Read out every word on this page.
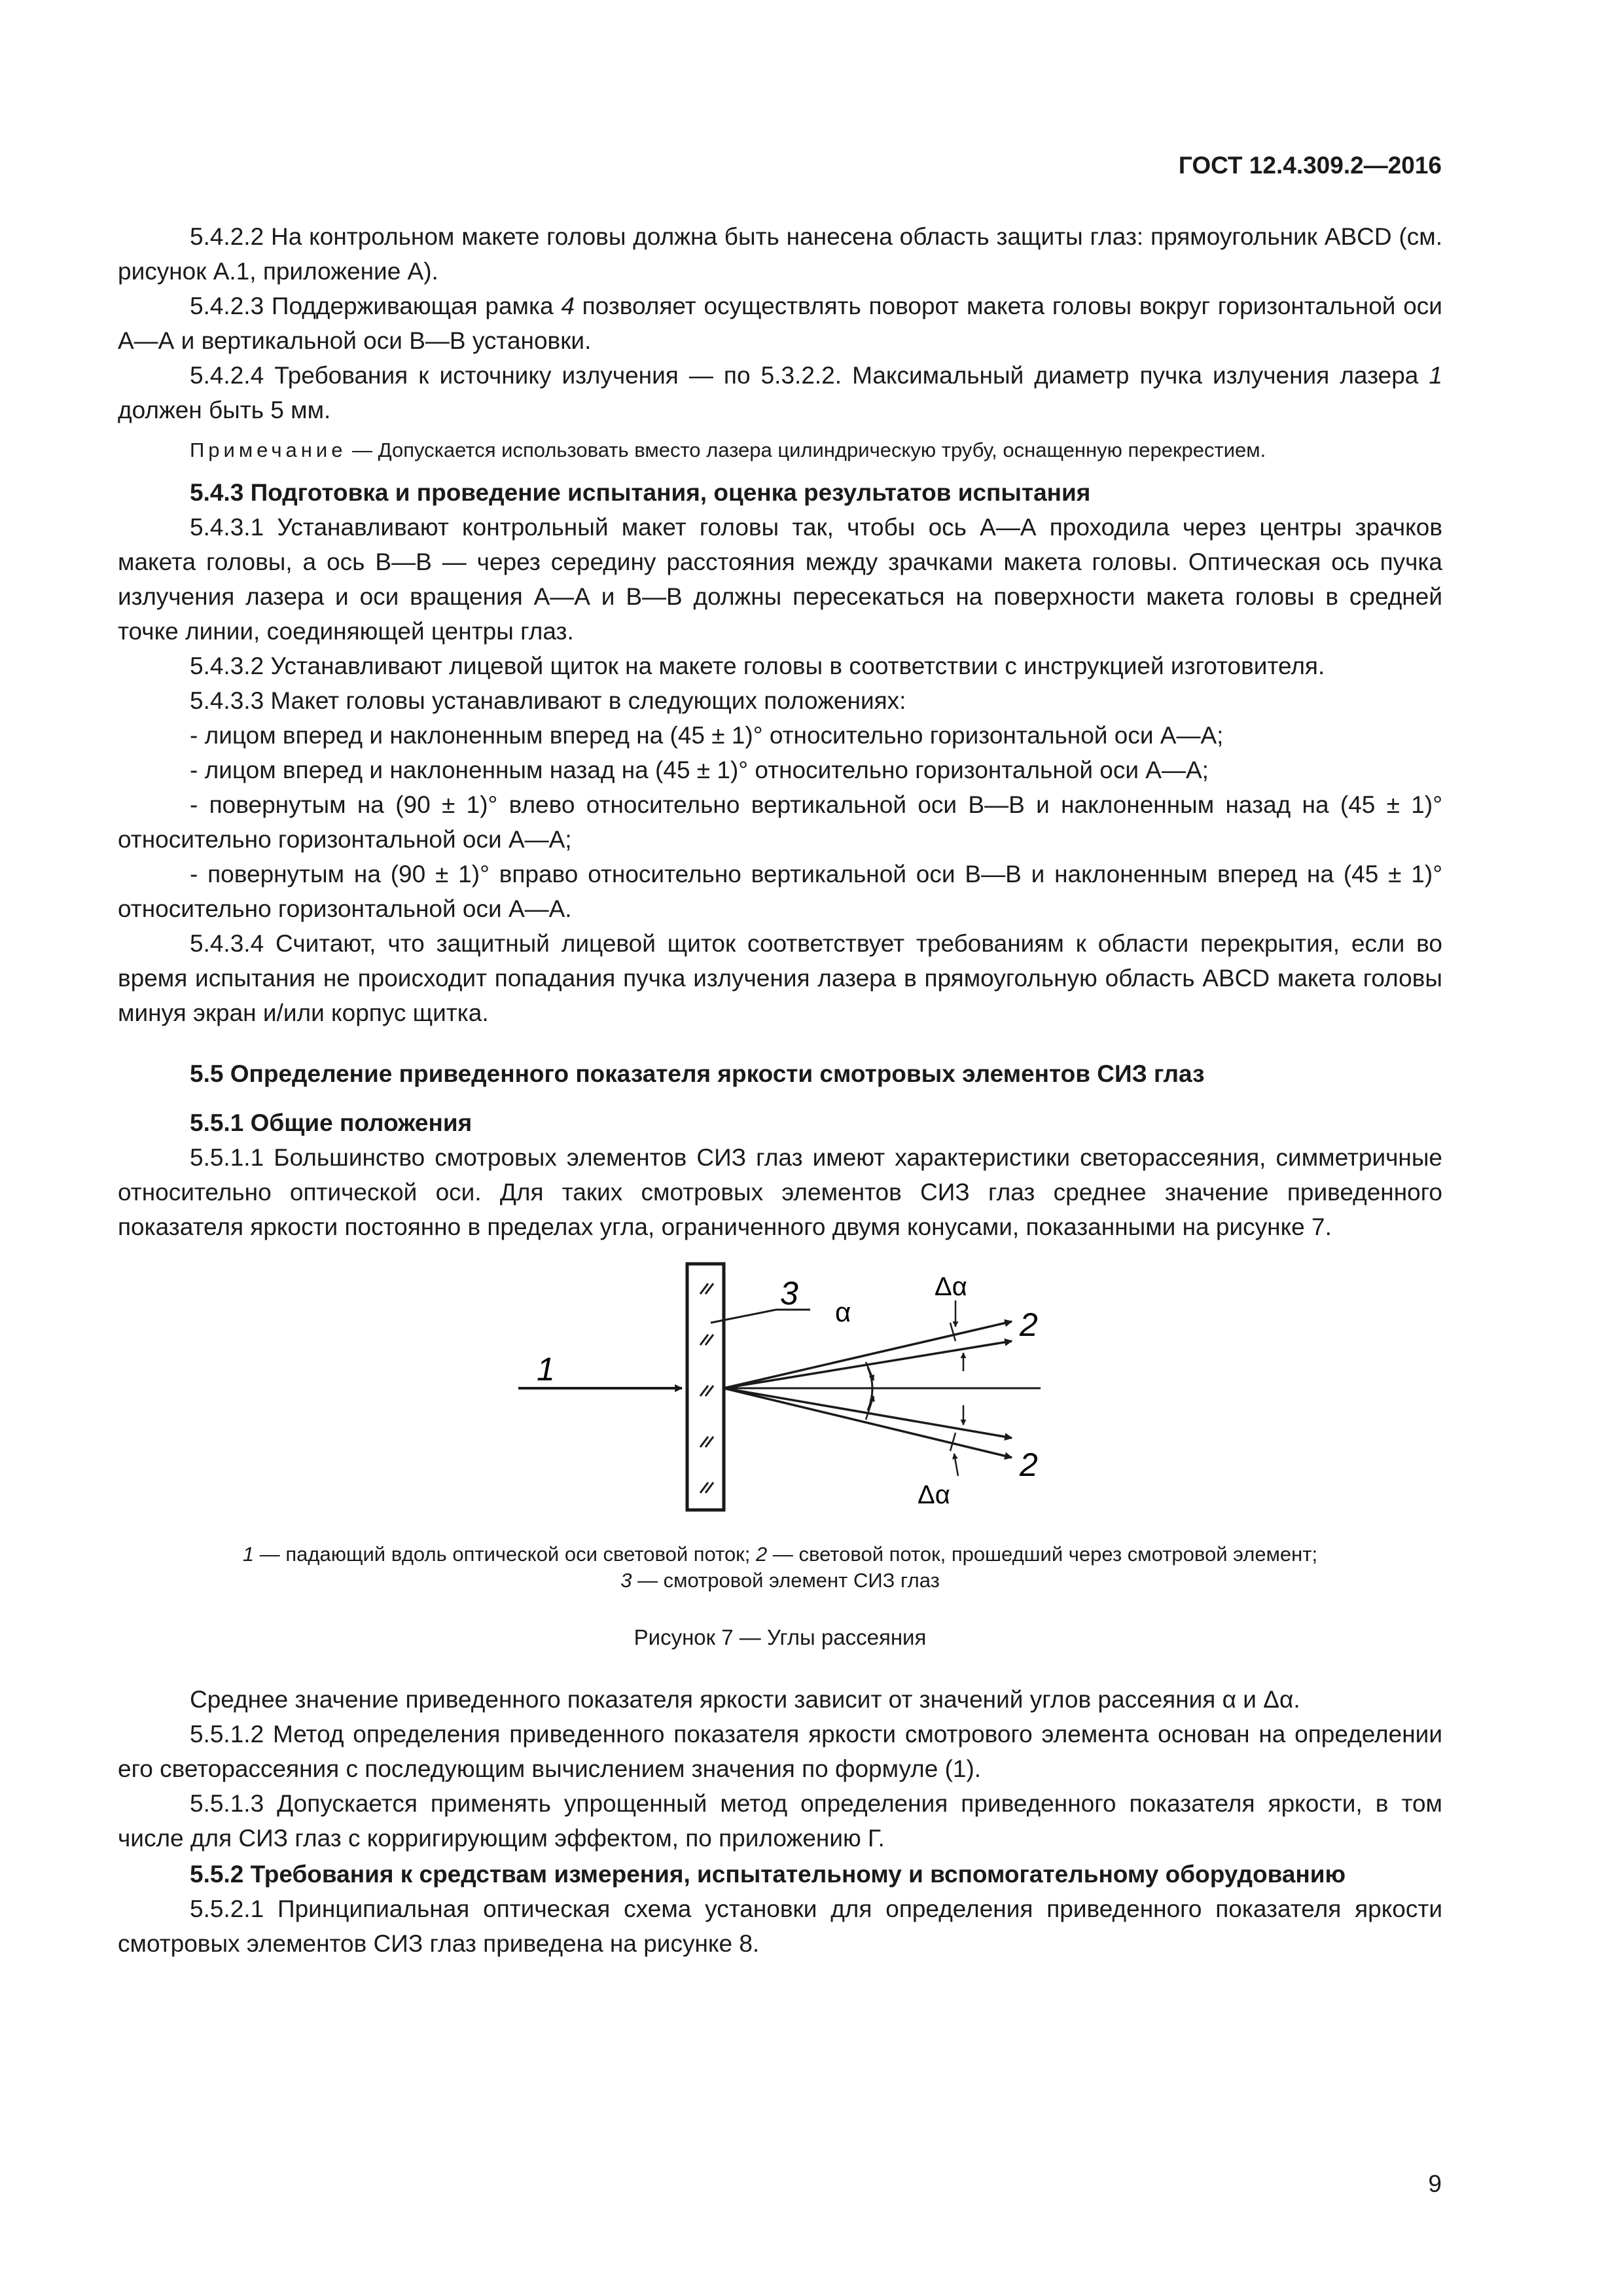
ГОСТ 12.4.309.2—2016

5.4.2.2 На контрольном макете головы должна быть нанесена область защиты глаз: прямоугольник ABCD (см. рисунок А.1, приложение А).

5.4.2.3 Поддерживающая рамка 4 позволяет осуществлять поворот макета головы вокруг горизонтальной оси А—А и вертикальной оси В—В установки.

5.4.2.4 Требования к источнику излучения — по 5.3.2.2. Максимальный диаметр пучка излучения лазера 1 должен быть 5 мм.

Примечание — Допускается использовать вместо лазера цилиндрическую трубу, оснащенную перекрестием.

5.4.3 Подготовка и проведение испытания, оценка результатов испытания

5.4.3.1 Устанавливают контрольный макет головы так, чтобы ось А—А проходила через центры зрачков макета головы, а ось В—В — через середину расстояния между зрачками макета головы. Оптическая ось пучка излучения лазера и оси вращения А—А и В—В должны пересекаться на поверхности макета головы в средней точке линии, соединяющей центры глаз.

5.4.3.2 Устанавливают лицевой щиток на макете головы в соответствии с инструкцией изготовителя.

5.4.3.3 Макет головы устанавливают в следующих положениях:

- лицом вперед и наклоненным вперед на (45 ± 1)° относительно горизонтальной оси А—А;

- лицом вперед и наклоненным назад на (45 ± 1)° относительно горизонтальной оси А—А;

- повернутым на (90 ± 1)° влево относительно вертикальной оси В—В и наклоненным назад на (45 ± 1)° относительно горизонтальной оси А—А;

- повернутым на (90 ± 1)° вправо относительно вертикальной оси В—В и наклоненным вперед на (45 ± 1)° относительно горизонтальной оси А—А.

5.4.3.4 Считают, что защитный лицевой щиток соответствует требованиям к области перекрытия, если во время испытания не происходит попадания пучка излучения лазера в прямоугольную область ABCD макета головы минуя экран и/или корпус щитка.

5.5 Определение приведенного показателя яркости смотровых элементов СИЗ глаз

5.5.1 Общие положения

5.5.1.1 Большинство смотровых элементов СИЗ глаз имеют характеристики светорассеяния, симметричные относительно оптической оси. Для таких смотровых элементов СИЗ глаз среднее значение приведенного показателя яркости постоянно в пределах угла, ограниченного двумя конусами, показанными на рисунке 7.

1
3
2
2
α
Δα
Δα
1 — падающий вдоль оптической оси световой поток; 2 — световой поток, прошедший через смотровой элемент;
3 — смотровой элемент СИЗ глаз
Рисунок 7 — Углы рассеяния

Среднее значение приведенного показателя яркости зависит от значений углов рассеяния α и Δα.

5.5.1.2 Метод определения приведенного показателя яркости смотрового элемента основан на определении его светорассеяния с последующим вычислением значения по формуле (1).

5.5.1.3 Допускается применять упрощенный метод определения приведенного показателя яркости, в том числе для СИЗ глаз с корригирующим эффектом, по приложению Г.

5.5.2 Требования к средствам измерения, испытательному и вспомогательному оборудованию

5.5.2.1 Принципиальная оптическая схема установки для определения приведенного показателя яркости смотровых элементов СИЗ глаз приведена на рисунке 8.

9
